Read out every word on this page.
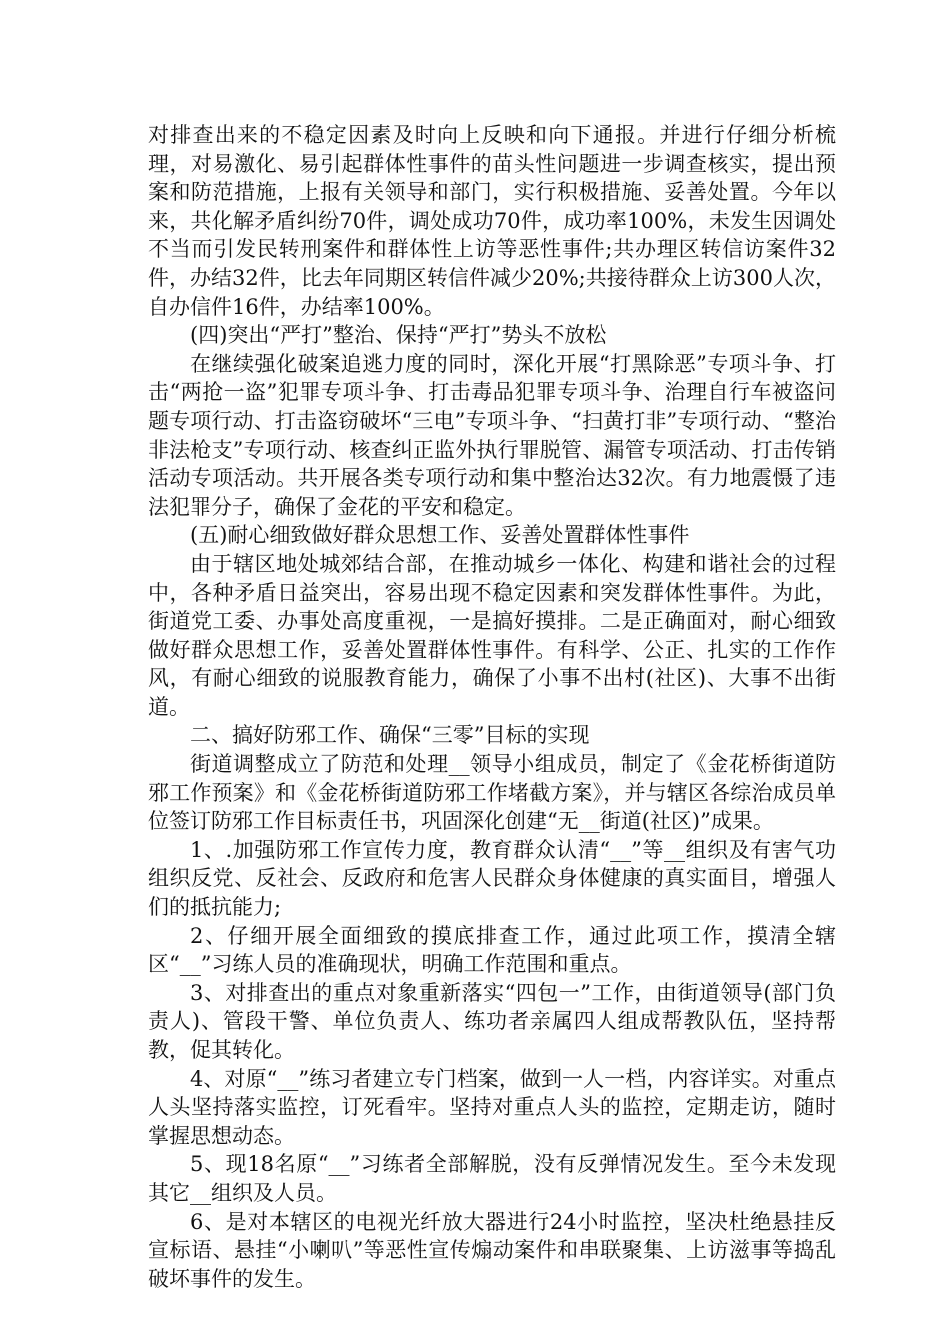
对排查出来的不稳定因素及时向上反映和向下通报。并进行仔细分析梳理，对易激化、易引起群体性事件的苗头性问题进一步调查核实，提出预案和防范措施，上报有关领导和部门，实行积极措施、妥善处置。今年以来，共化解矛盾纠纷70件，调处成功70件，成功率100%，未发生因调处不当而引发民转刑案件和群体性上访等恶性事件;共办理区转信访案件32件，办结32件，比去年同期区转信件减少20%;共接待群众上访300人次，自办信件16件，办结率100%。

(四)突出“严打”整治、保持“严打”势头不放松

在继续强化破案追逃力度的同时，深化开展“打黑除恶”专项斗争、打击“两抢一盗”犯罪专项斗争、打击毒品犯罪专项斗争、治理自行车被盗问题专项行动、打击盗窃破坏“三电”专项斗争、“扫黄打非”专项行动、“整治非法枪支”专项行动、核查纠正监外执行罪脱管、漏管专项活动、打击传销活动专项活动。共开展各类专项行动和集中整治达32次。有力地震慑了违法犯罪分子，确保了金花的平安和稳定。

(五)耐心细致做好群众思想工作、妥善处置群体性事件

由于辖区地处城郊结合部，在推动城乡一体化、构建和谐社会的过程中，各种矛盾日益突出，容易出现不稳定因素和突发群体性事件。为此，街道党工委、办事处高度重视，一是搞好摸排。二是正确面对，耐心细致做好群众思想工作，妥善处置群体性事件。有科学、公正、扎实的工作作风，有耐心细致的说服教育能力，确保了小事不出村(社区)、大事不出街道。

二、搞好防邪工作、确保“三零”目标的实现

街道调整成立了防范和处理__领导小组成员，制定了《金花桥街道防邪工作预案》和《金花桥街道防邪工作堵截方案》，并与辖区各综治成员单位签订防邪工作目标责任书，巩固深化创建“无__街道(社区)”成果。

1、.加强防邪工作宣传力度，教育群众认清“__”等__组织及有害气功组织反党、反社会、反政府和危害人民群众身体健康的真实面目，增强人们的抵抗能力;

2、仔细开展全面细致的摸底排查工作，通过此项工作，摸清全辖区“__”习练人员的准确现状，明确工作范围和重点。

3、对排查出的重点对象重新落实“四包一”工作，由街道领导(部门负责人)、管段干警、单位负责人、练功者亲属四人组成帮教队伍，坚持帮教，促其转化。

4、对原“__”练习者建立专门档案，做到一人一档，内容详实。对重点人头坚持落实监控，订死看牢。坚持对重点人头的监控，定期走访，随时掌握思想动态。

5、现18名原“__”习练者全部解脱，没有反弹情况发生。至今未发现其它__组织及人员。

6、是对本辖区的电视光纤放大器进行24小时监控，坚决杜绝悬挂反宣标语、悬挂“小喇叭”等恶性宣传煽动案件和串联聚集、上访滋事等捣乱破坏事件的发生。
